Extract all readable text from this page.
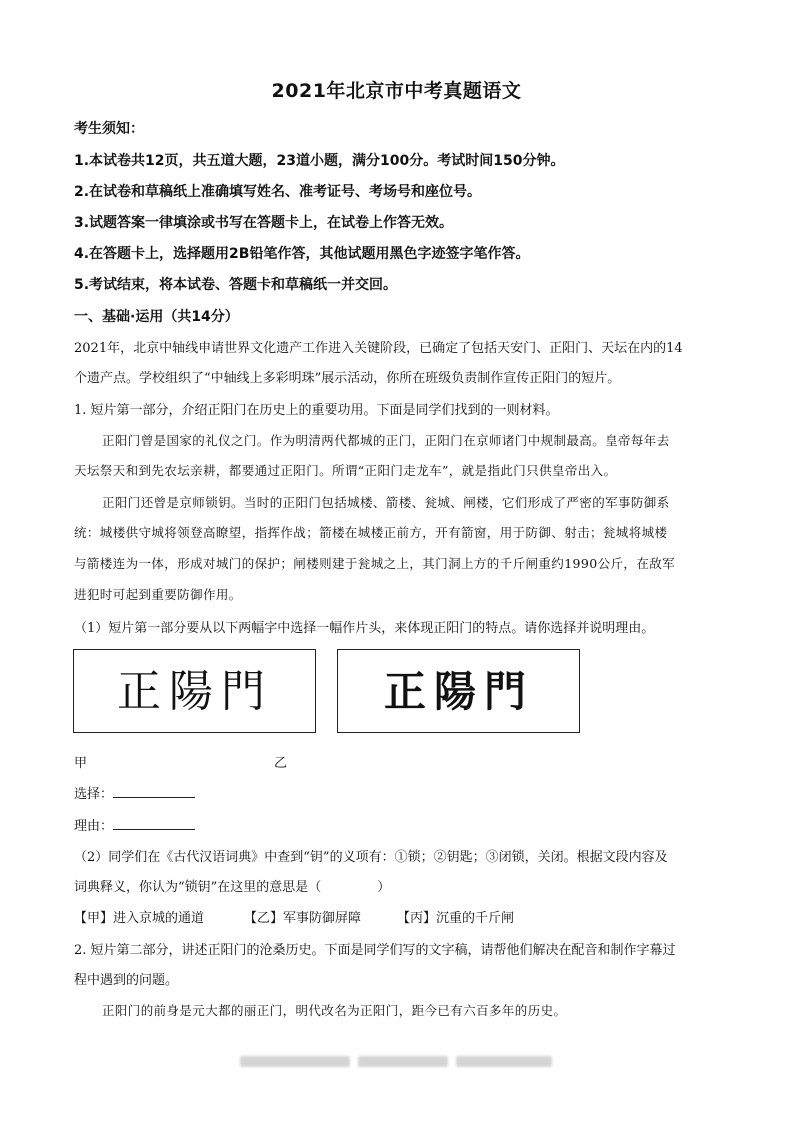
2021年北京市中考真题语文
考生须知：
1.本试卷共12页，共五道大题，23道小题，满分100分。考试时间150分钟。
2.在试卷和草稿纸上准确填写姓名、准考证号、考场号和座位号。
3.试题答案一律填涂或书写在答题卡上，在试卷上作答无效。
4.在答题卡上，选择题用2B铅笔作答，其他试题用黑色字迹签字笔作答。
5.考试结束，将本试卷、答题卡和草稿纸一并交回。
一、基础·运用（共14分）
2021年，北京中轴线申请世界文化遗产工作进入关键阶段，已确定了包括天安门、正阳门、天坛在内的14
个遗产点。学校组织了“中轴线上多彩明珠”展示活动，你所在班级负责制作宣传正阳门的短片。
1. 短片第一部分，介绍正阳门在历史上的重要功用。下面是同学们找到的一则材料。
正阳门曾是国家的礼仪之门。作为明清两代都城的正门，正阳门在京师诸门中规制最高。皇帝每年去
天坛祭天和到先农坛亲耕，都要通过正阳门。所谓“正阳门走龙车”，就是指此门只供皇帝出入。
正阳门还曾是京师锁钥。当时的正阳门包括城楼、箭楼、瓮城、闸楼，它们形成了严密的军事防御系
统：城楼供守城将领登高瞭望，指挥作战；箭楼在城楼正前方，开有箭窗，用于防御、射击；瓮城将城楼
与箭楼连为一体，形成对城门的保护；闸楼则建于瓮城之上，其门洞上方的千斤闸重约1990公斤，在敌军
进犯时可起到重要防御作用。
（1）短片第一部分要从以下两幅字中选择一幅作片头，来体现正阳门的特点。请你选择并说明理由。
正陽門	正陽門
甲	乙
选择：
理由：
（2）同学们在《古代汉语词典》中查到“钥”的义项有：①锁；②钥匙；③闭锁，关闭。根据文段内容及
词典释义，你认为“锁钥”在这里的意思是（	）
【甲】进入京城的通道	【乙】军事防御屏障	【丙】沉重的千斤闸
2. 短片第二部分，讲述正阳门的沧桑历史。下面是同学们写的文字稿，请帮他们解决在配音和制作字幕过
程中遇到的问题。
正阳门的前身是元大都的丽正门，明代改名为正阳门，距今已有六百多年的历史。
